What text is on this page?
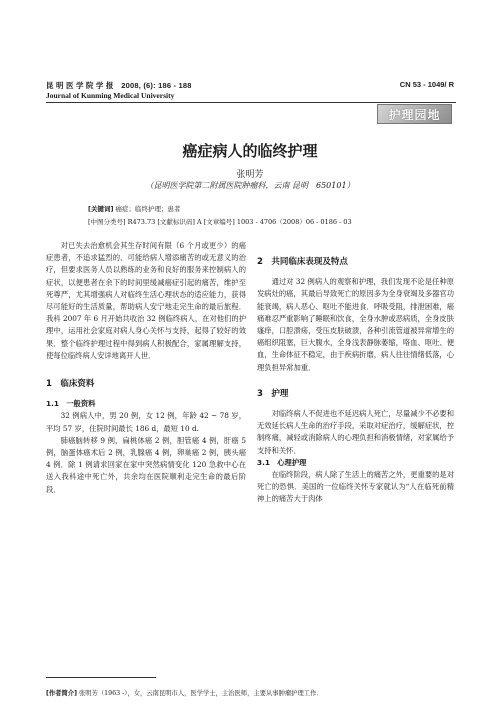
昆 明 医 学 院 学 报　2008, (6): 186 - 188
Journal of Kunming Medical University
CN 53 - 1049/ R
护理园地
癌症病人的临终护理
张明芳
（昆明医学院第二附属医院肿瘤科，云南 昆明　650101）
[关键词] 癌症；临终护理；患者
[中图分类号] R473.73 [文献标识码] A [文章编号] 1003 - 4706（2008）06 - 0186 - 03

对已失去治愈机会其生存时间有限（6 个月或更少）的癌症患者，不追求猛烈的、可能给病人增添痛苦的或无意义的治疗，但要求医务人员以熟练的业务和良好的服务来控制病人的症状，以便患者在余下的时间里缓减癌症引起的痛苦，维护至死尊严，尤其增强病人对临终生活心理状态的适应能力，获得尽可能好的生活质量，帮助病人安宁地走完生命的最后旅程．我科 2007 年 6 月开始共收治 32 例临终病人，在对他们的护理中，运用社会家庭对病人身心关怀与支持，起得了较好的效果．整个临终护理过程中得到病人积极配合，家属理解支持，使每位临终病人安详地离开人世．

1　临床资料
1.1　一般资料

32 例病人中，男 20 例，女 12 例，年龄 42 ~ 78 岁，平均 57 岁，住院时间最长 186 d，最短 10 d.

肺癌脑转移 9 例，扁桃体癌 2 例，胆管癌 4 例，肝癌 5 例，脑蛋体癌术后 2 例，乳腺癌 4 例，卵巢癌 2 例，胰头癌 4 例．除 1 例请求回家在家中突然病情变化 120 急救中心在送入我科途中死亡外，共余均在医院顺利走完生命的最后阶段．

2　共同临床表现及特点

通过对 32 例病人的观察和护理，我们发现不论是任种原发病灶的癌，其最后导致死亡的原因多为全身衰竭及多器官功能衰竭，病人恶心、呕吐不能进食．呼吸受阻，排泄困难，癌痛难忍严重影响了睡眠和饮食，全身水肿或恶病质，全身皮肤瘙痒，口腔溃疡，受压皮肤破溃，各种引流管道被异常增生的癌组织阻塞，巨大腹水，全身浅表静脉萎缩，咯血、呕吐、便血，生命体征不稳定，由于疾病折磨，病人往往情绪低落，心理负担异常加重．

3　护理

对临终病人不促进也不延迟病人死亡，尽量减少不必要和无效延长病人生命的治疗手段，采取对症治疗，缓解症状，控制疼痛，减轻或消除病人的心理负担和消极情绪，对家属给予支持和关怀．

3.1　心理护理

在临终阶段，病人除了生活上的痛苦之外，更重要的是对死亡的恐惧．美国的一位临终关怀专家就认为“人在临死前精神上的痛苦大于肉体

[作者简介] 张明芳（1963 -），女，云南昆明市人，医学学士，主治医师，主要从事肿瘤护理工作．
